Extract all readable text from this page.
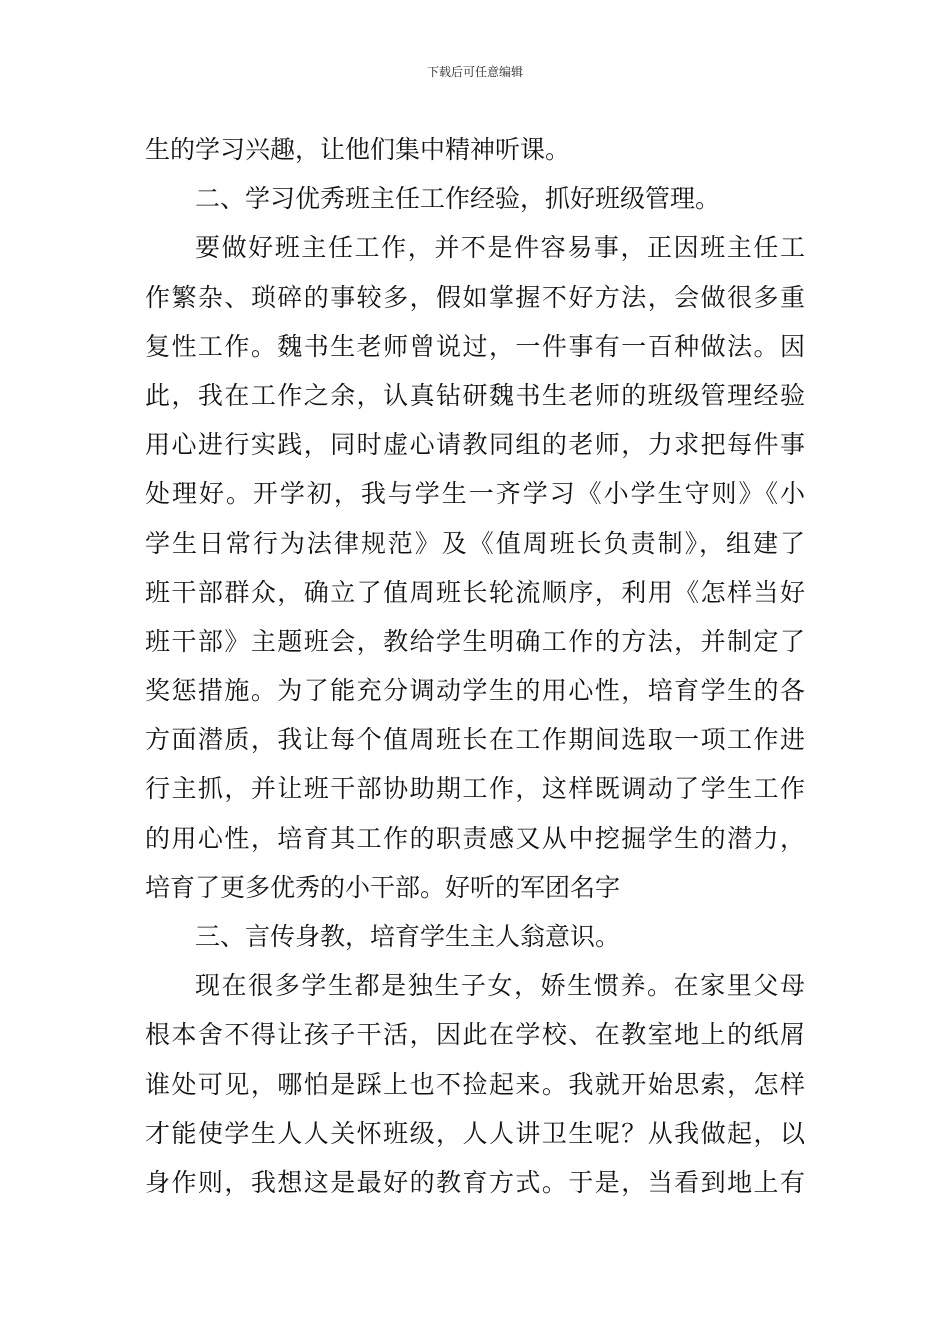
下载后可任意编辑
生的学习兴趣，让他们集中精神听课。
二、学习优秀班主任工作经验，抓好班级管理。
要做好班主任工作，并不是件容易事，正因班主任工
作繁杂、琐碎的事较多，假如掌握不好方法，会做很多重
复性工作。魏书生老师曾说过，一件事有一百种做法。因
此，我在工作之余，认真钻研魏书生老师的班级管理经验
用心进行实践，同时虚心请教同组的老师，力求把每件事
处理好。开学初，我与学生一齐学习《小学生守则》《小
学生日常行为法律规范》及《值周班长负责制》，组建了
班干部群众，确立了值周班长轮流顺序，利用《怎样当好
班干部》主题班会，教给学生明确工作的方法，并制定了
奖惩措施。为了能充分调动学生的用心性，培育学生的各
方面潜质，我让每个值周班长在工作期间选取一项工作进
行主抓，并让班干部协助期工作，这样既调动了学生工作
的用心性，培育其工作的职责感又从中挖掘学生的潜力，
培育了更多优秀的小干部。好听的军团名字
三、言传身教，培育学生主人翁意识。
现在很多学生都是独生子女，娇生惯养。在家里父母
根本舍不得让孩子干活，因此在学校、在教室地上的纸屑
谁处可见，哪怕是踩上也不捡起来。我就开始思索，怎样
才能使学生人人关怀班级，人人讲卫生呢？从我做起，以
身作则，我想这是最好的教育方式。于是，当看到地上有
